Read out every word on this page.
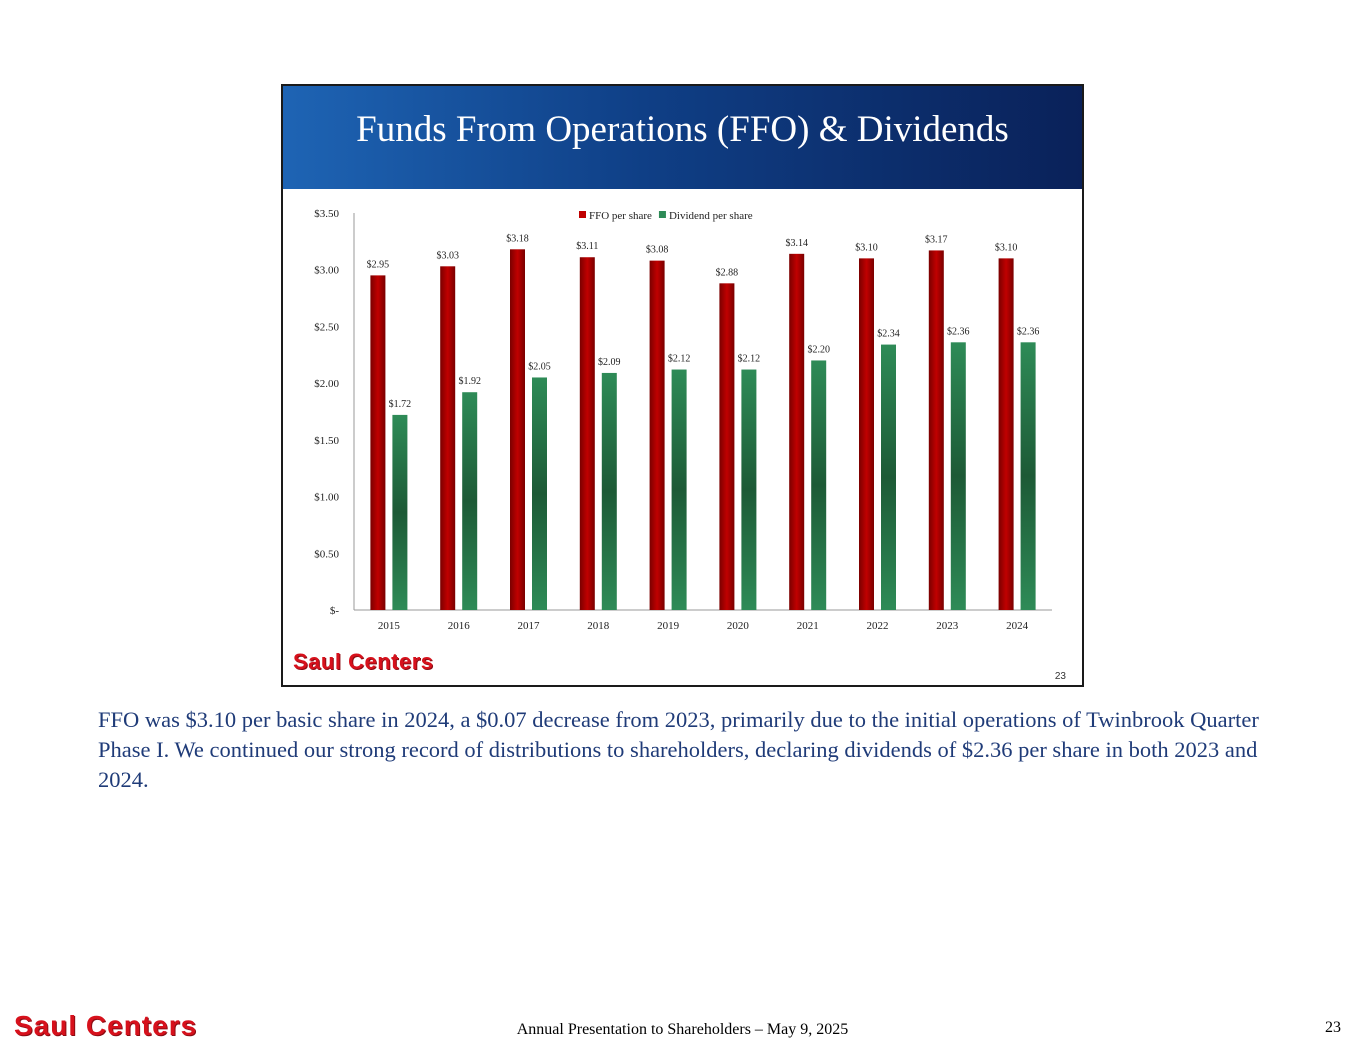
Funds From Operations (FFO) & Dividends
FFO per share Dividend per share
$-
$0.50
$1.00
$1.50
$2.00
$2.50
$3.00
$3.50
2015	2016	2017	2018	2019	2020	2021	2022	2023	2024
$2.95
$1.72
$3.03
$1.92
$3.18
$2.05
$3.11
$2.09
$3.08
$2.12
$2.88
$2.12
$3.14
$2.20
$3.10
$2.34
$3.17
$2.36
$3.10
$2.36
Saul Centers
23
FFO was $3.10 per basic share in 2024, a $0.07 decrease from 2023, primarily due to the initial operations of Twinbrook Quarter Phase I. We continued our strong record of distributions to shareholders, declaring dividends of $2.36 per share in both 2023 and 2024.
Saul Centers	Annual Presentation to Shareholders – May 9, 2025	23
